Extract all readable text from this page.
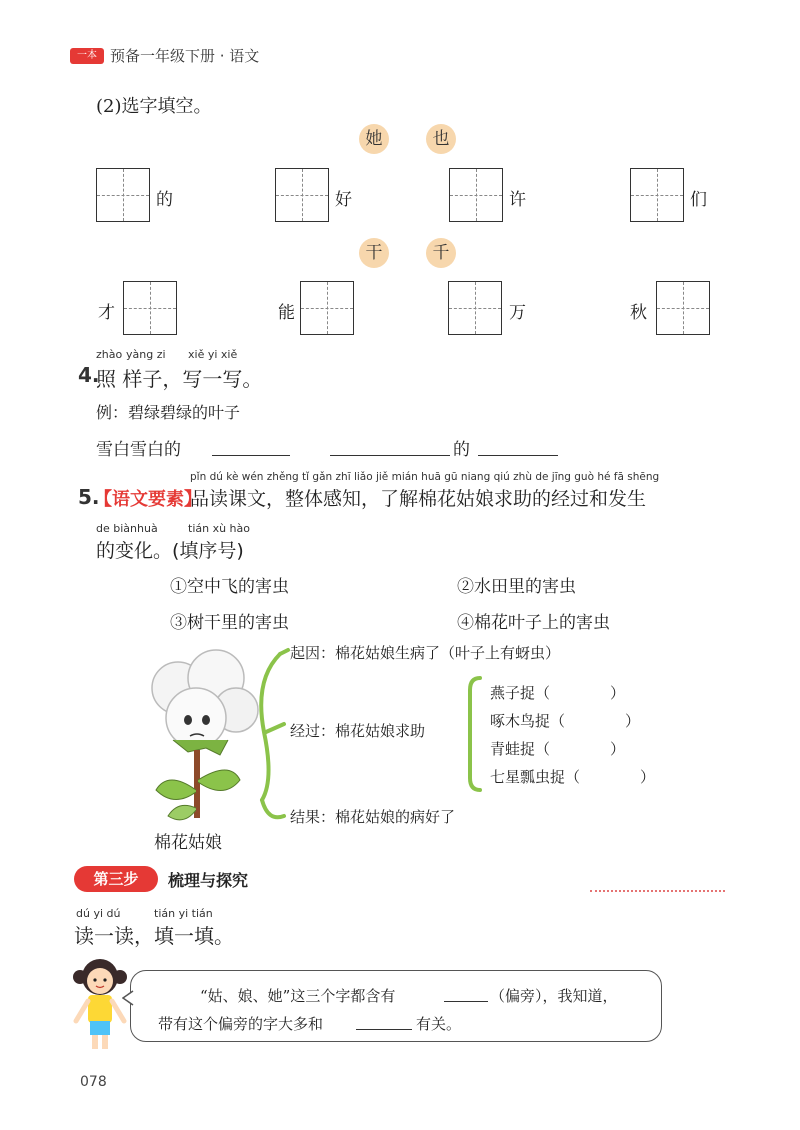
一本 预备一年级下册 · 语文
(2)选字填空。
她	也
的	好	许	们
干	千
才	能	万	秋
zhào yàng zi xiě yi xiě
4.
照 样子，写一写。
例：碧绿碧绿的叶子
雪白雪白的	的
pǐn dú kè wén zhěng tǐ gǎn zhī liǎo jiě mián huā gū niang qiú zhù de jīng guò hé fā shēng
5.
【语文要素】
品读课文，整体感知，了解棉花姑娘求助的经过和发生
de biànhuà	tián xù hào
的变化。(填序号)
①空中飞的害虫	②水田里的害虫
③树干里的害虫	④棉花叶子上的害虫
棉花姑娘
起因：棉花姑娘生病了（叶子上有蚜虫）
经过：棉花姑娘求助
燕子捉（　　　　）
啄木鸟捉（　　　　）
青蛙捉（　　　　）
七星瓢虫捉（　　　　）
结果：棉花姑娘的病好了
第三步	梳理与探究
dú yi dú	tián yi tián
读一读，填一填。
“姑、娘、她”这三个字都含有	（偏旁），我知道，
带有这个偏旁的字大多和	有关。
078
